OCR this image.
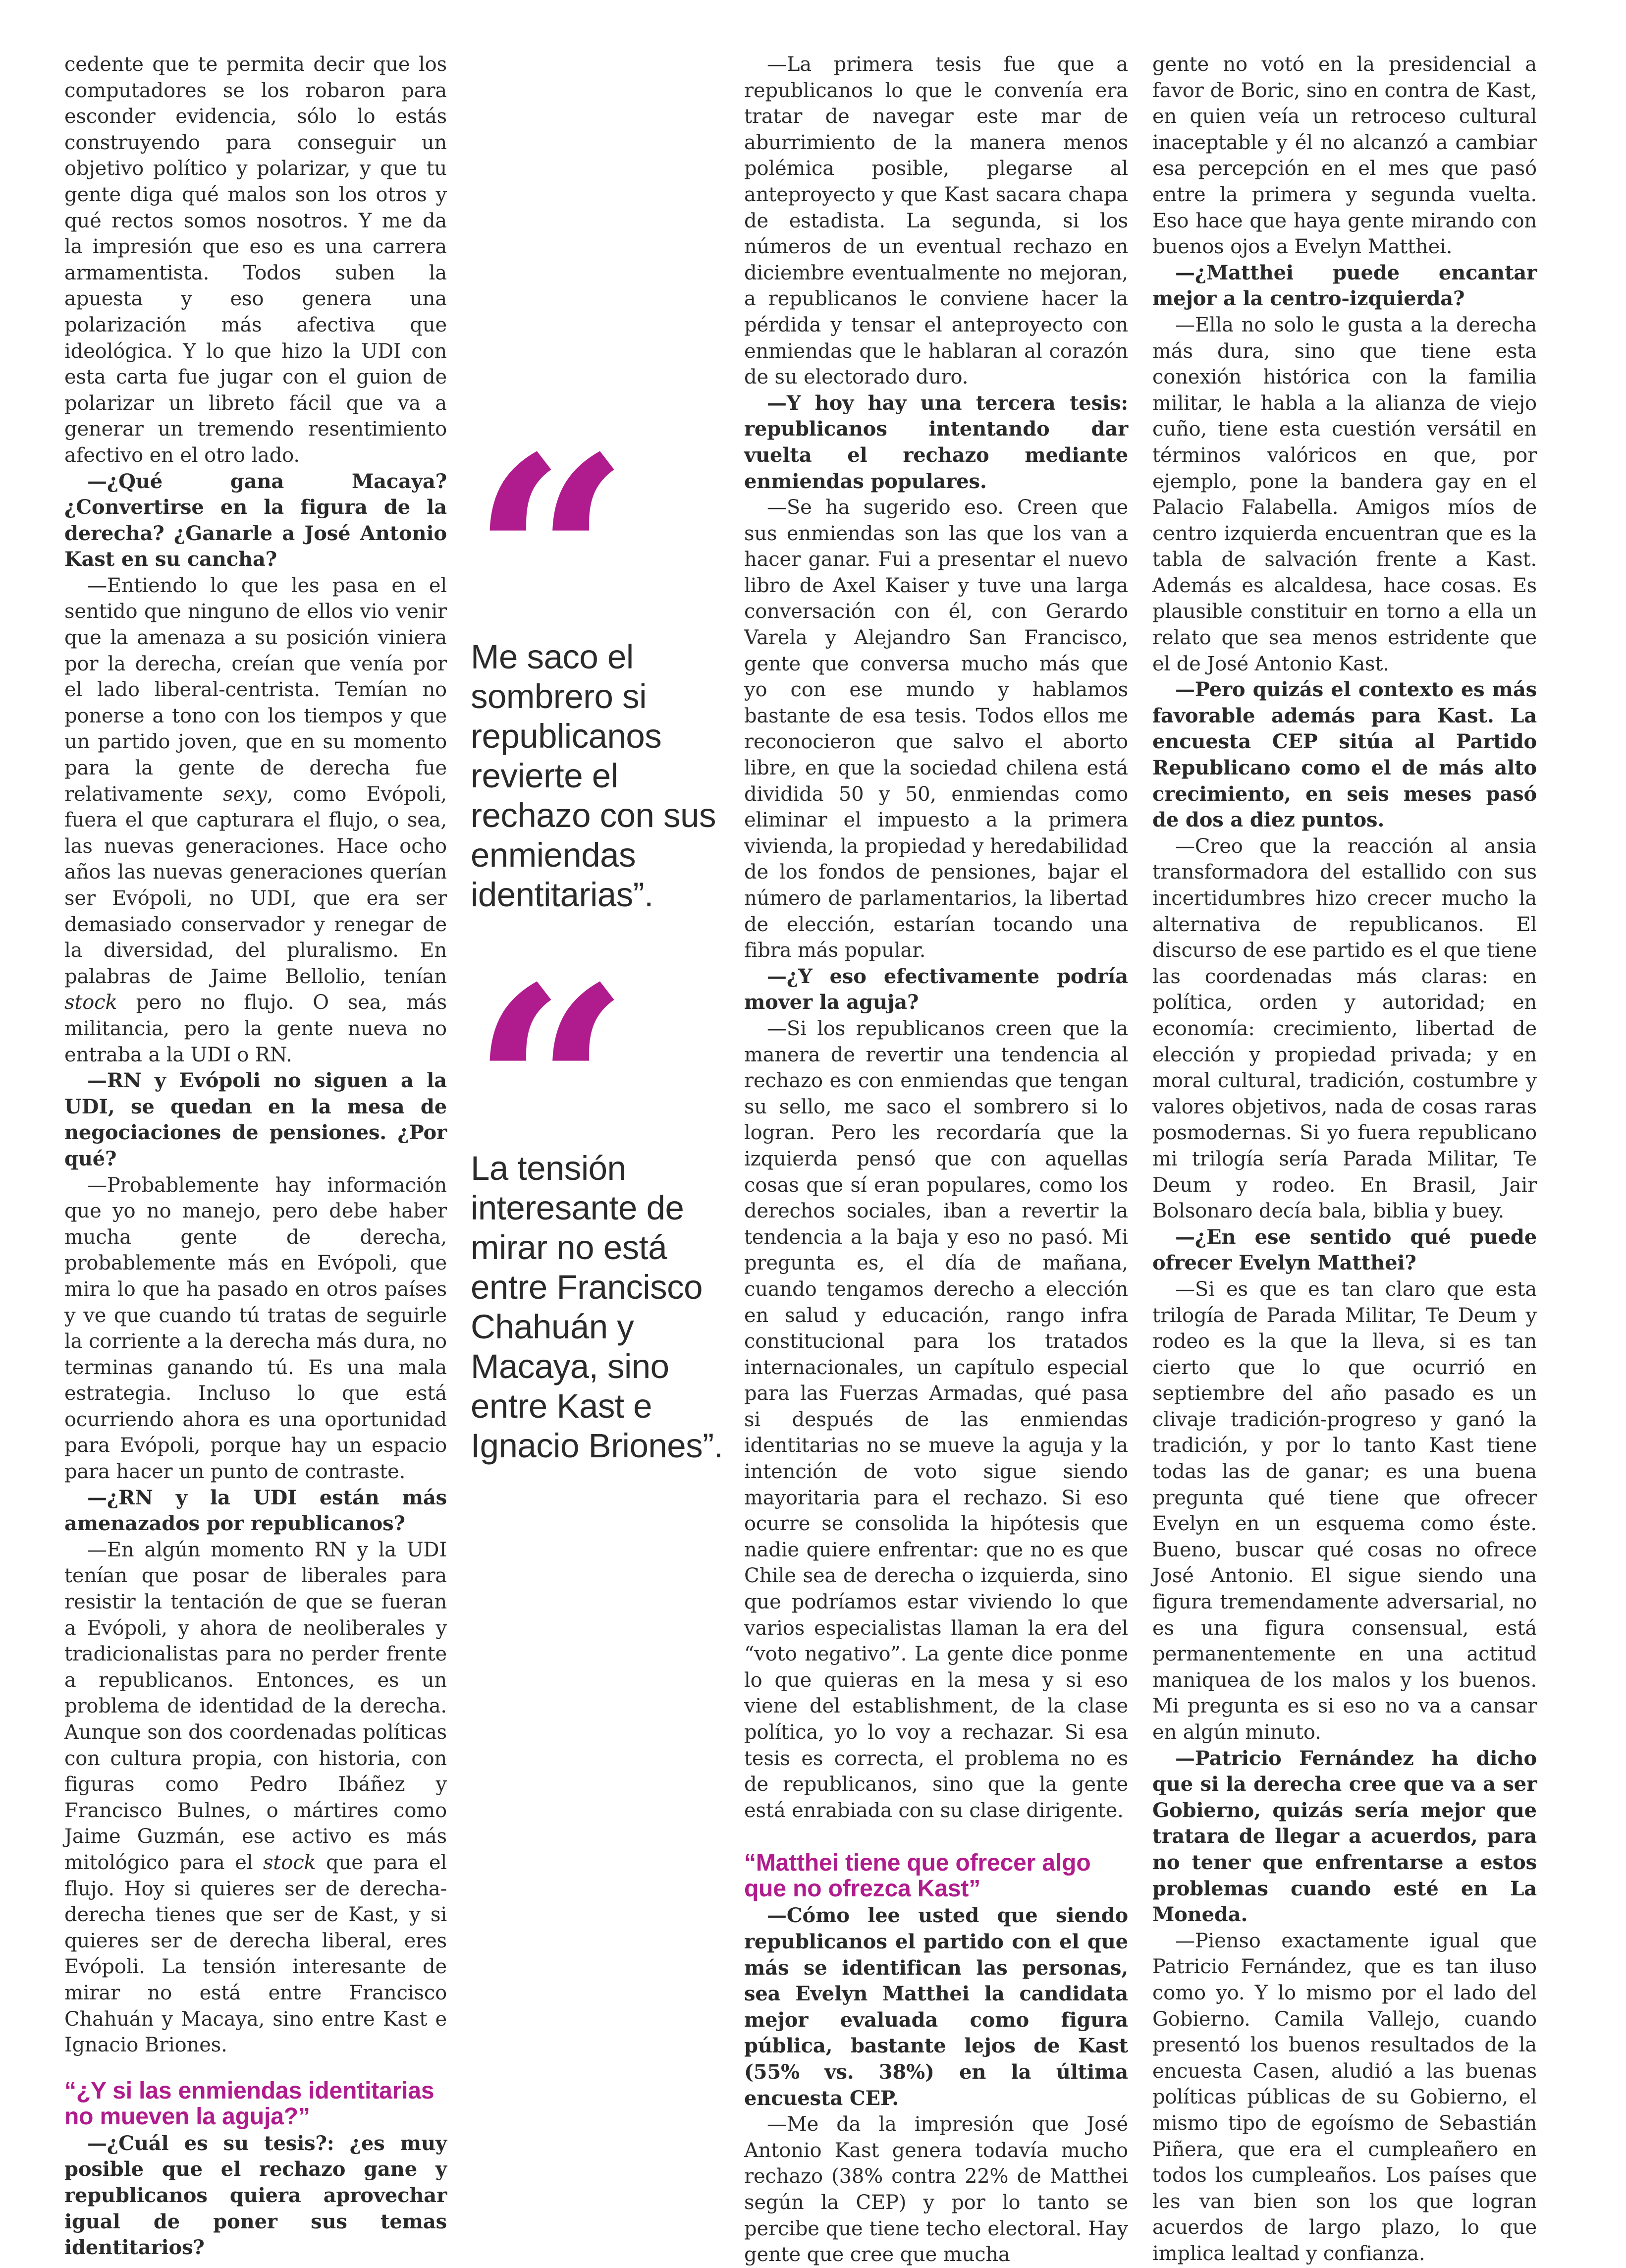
cedente que te permita decir que los computadores se los robaron para esconder evidencia, sólo lo estás construyendo para conseguir un objetivo político y polarizar, y que tu gente diga qué malos son los otros y qué rectos somos nosotros. Y me da la impresión que eso es una carrera armamentista. Todos suben la apuesta y eso genera una polarización más afectiva que ideológica. Y lo que hizo la UDI con esta carta fue jugar con el guion de polarizar un libreto fácil que va a generar un tremendo resentimiento afectivo en el otro lado.

—¿Qué gana Macaya? ¿Convertirse en la figura de la derecha? ¿Ganarle a José Antonio Kast en su cancha?

—Entiendo lo que les pasa en el sentido que ninguno de ellos vio venir que la amenaza a su posición viniera por la derecha, creían que venía por el lado liberal-centrista. Temían no ponerse a tono con los tiempos y que un partido joven, que en su momento para la gente de derecha fue relativamente sexy, como Evópoli, fuera el que capturara el flujo, o sea, las nuevas generaciones. Hace ocho años las nuevas generaciones querían ser Evópoli, no UDI, que era ser demasiado conservador y renegar de la diversidad, del pluralismo. En palabras de Jaime Bellolio, tenían stock pero no flujo. O sea, más militancia, pero la gente nueva no entraba a la UDI o RN.

—RN y Evópoli no siguen a la UDI, se quedan en la mesa de negociaciones de pensiones. ¿Por qué?

—Probablemente hay información que yo no manejo, pero debe haber mucha gente de derecha, probablemente más en Evópoli, que mira lo que ha pasado en otros países y ve que cuando tú tratas de seguirle la corriente a la derecha más dura, no terminas ganando tú. Es una mala estrategia. Incluso lo que está ocurriendo ahora es una oportunidad para Evópoli, porque hay un espacio para hacer un punto de contraste.

—¿RN y la UDI están más amenazados por republicanos?

—En algún momento RN y la UDI tenían que posar de liberales para resistir la tentación de que se fueran a Evópoli, y ahora de neoliberales y tradicionalistas para no perder frente a republicanos. Entonces, es un problema de identidad de la derecha. Aunque son dos coordenadas políticas con cultura propia, con historia, con figuras como Pedro Ibáñez y Francisco Bulnes, o mártires como Jaime Guzmán, ese activo es más mitológico para el stock que para el flujo. Hoy si quieres ser de derecha-derecha tienes que ser de Kast, y si quieres ser de derecha liberal, eres Evópoli. La tensión interesante de mirar no está entre Francisco Chahuán y Macaya, sino entre Kast e Ignacio Briones.

“¿Y si las enmiendas identitarias no mueven la aguja?”

—¿Cuál es su tesis?: ¿es muy posible que el rechazo gane y republicanos quiera aprovechar igual de poner sus temas identitarios?

Me saco el sombrero si republicanos revierte el rechazo con sus enmiendas identitarias”.
La tensión interesante de mirar no está entre Francisco Chahuán y Macaya, sino entre Kast e Ignacio Briones”.

—La primera tesis fue que a republicanos lo que le convenía era tratar de navegar este mar de aburrimiento de la manera menos polémica posible, plegarse al anteproyecto y que Kast sacara chapa de estadista. La segunda, si los números de un eventual rechazo en diciembre eventualmente no mejoran, a republicanos le conviene hacer la pérdida y tensar el anteproyecto con enmiendas que le hablaran al corazón de su electorado duro.

—Y hoy hay una tercera tesis: republicanos intentando dar vuelta el rechazo mediante enmiendas populares.

—Se ha sugerido eso. Creen que sus enmiendas son las que los van a hacer ganar. Fui a presentar el nuevo libro de Axel Kaiser y tuve una larga conversación con él, con Gerardo Varela y Alejandro San Francisco, gente que conversa mucho más que yo con ese mundo y hablamos bastante de esa tesis. Todos ellos me reconocieron que salvo el aborto libre, en que la sociedad chilena está dividida 50 y 50, enmiendas como eliminar el impuesto a la primera vivienda, la propiedad y heredabilidad de los fondos de pensiones, bajar el número de parlamentarios, la libertad de elección, estarían tocando una fibra más popular.

—¿Y eso efectivamente podría mover la aguja?

—Si los republicanos creen que la manera de revertir una tendencia al rechazo es con enmiendas que tengan su sello, me saco el sombrero si lo logran. Pero les recordaría que la izquierda pensó que con aquellas cosas que sí eran populares, como los derechos sociales, iban a revertir la tendencia a la baja y eso no pasó. Mi pregunta es, el día de mañana, cuando tengamos derecho a elección en salud y educación, rango infra constitucional para los tratados internacionales, un capítulo especial para las Fuerzas Armadas, qué pasa si después de las enmiendas identitarias no se mueve la aguja y la intención de voto sigue siendo mayoritaria para el rechazo. Si eso ocurre se consolida la hipótesis que nadie quiere enfrentar: que no es que Chile sea de derecha o izquierda, sino que podríamos estar viviendo lo que varios especialistas llaman la era del “voto negativo”. La gente dice ponme lo que quieras en la mesa y si eso viene del establishment, de la clase política, yo lo voy a rechazar. Si esa tesis es correcta, el problema no es de republicanos, sino que la gente está enrabiada con su clase dirigente.

“Matthei tiene que ofrecer algo que no ofrezca Kast”

—Cómo lee usted que siendo republicanos el partido con el que más se identifican las personas, sea Evelyn Matthei la candidata mejor evaluada como figura pública, bastante lejos de Kast (55% vs. 38%) en la última encuesta CEP.

—Me da la impresión que José Antonio Kast genera todavía mucho rechazo (38% contra 22% de Matthei según la CEP) y por lo tanto se percibe que tiene techo electoral. Hay gente que cree que mucha

gente no votó en la presidencial a favor de Boric, sino en contra de Kast, en quien veía un retroceso cultural inaceptable y él no alcanzó a cambiar esa percepción en el mes que pasó entre la primera y segunda vuelta. Eso hace que haya gente mirando con buenos ojos a Evelyn Matthei.

—¿Matthei puede encantar mejor a la centro-izquierda?

—Ella no solo le gusta a la derecha más dura, sino que tiene esta conexión histórica con la familia militar, le habla a la alianza de viejo cuño, tiene esta cuestión versátil en términos valóricos en que, por ejemplo, pone la bandera gay en el Palacio Falabella. Amigos míos de centro izquierda encuentran que es la tabla de salvación frente a Kast. Además es alcaldesa, hace cosas. Es plausible constituir en torno a ella un relato que sea menos estridente que el de José Antonio Kast.

—Pero quizás el contexto es más favorable además para Kast. La encuesta CEP sitúa al Partido Republicano como el de más alto crecimiento, en seis meses pasó de dos a diez puntos.

—Creo que la reacción al ansia transformadora del estallido con sus incertidumbres hizo crecer mucho la alternativa de republicanos. El discurso de ese partido es el que tiene las coordenadas más claras: en política, orden y autoridad; en economía: crecimiento, libertad de elección y propiedad privada; y en moral cultural, tradición, costumbre y valores objetivos, nada de cosas raras posmodernas. Si yo fuera republicano mi trilogía sería Parada Militar, Te Deum y rodeo. En Brasil, Jair Bolsonaro decía bala, biblia y buey.

—¿En ese sentido qué puede ofrecer Evelyn Matthei?

—Si es que es tan claro que esta trilogía de Parada Militar, Te Deum y rodeo es la que la lleva, si es tan cierto que lo que ocurrió en septiembre del año pasado es un clivaje tradición-progreso y ganó la tradición, y por lo tanto Kast tiene todas las de ganar; es una buena pregunta qué tiene que ofrecer Evelyn en un esquema como éste. Bueno, buscar qué cosas no ofrece José Antonio. El sigue siendo una figura tremendamente adversarial, no es una figura consensual, está permanentemente en una actitud maniquea de los malos y los buenos. Mi pregunta es si eso no va a cansar en algún minuto.

—Patricio Fernández ha dicho que si la derecha cree que va a ser Gobierno, quizás sería mejor que tratara de llegar a acuerdos, para no tener que enfrentarse a estos problemas cuando esté en La Moneda.

—Pienso exactamente igual que Patricio Fernández, que es tan iluso como yo. Y lo mismo por el lado del Gobierno. Camila Vallejo, cuando presentó los buenos resultados de la encuesta Casen, aludió a las buenas políticas públicas de su Gobierno, el mismo tipo de egoísmo de Sebastián Piñera, que era el cumpleañero en todos los cumpleaños. Los países que les van bien son los que logran acuerdos de largo plazo, lo que implica lealtad y confianza.
